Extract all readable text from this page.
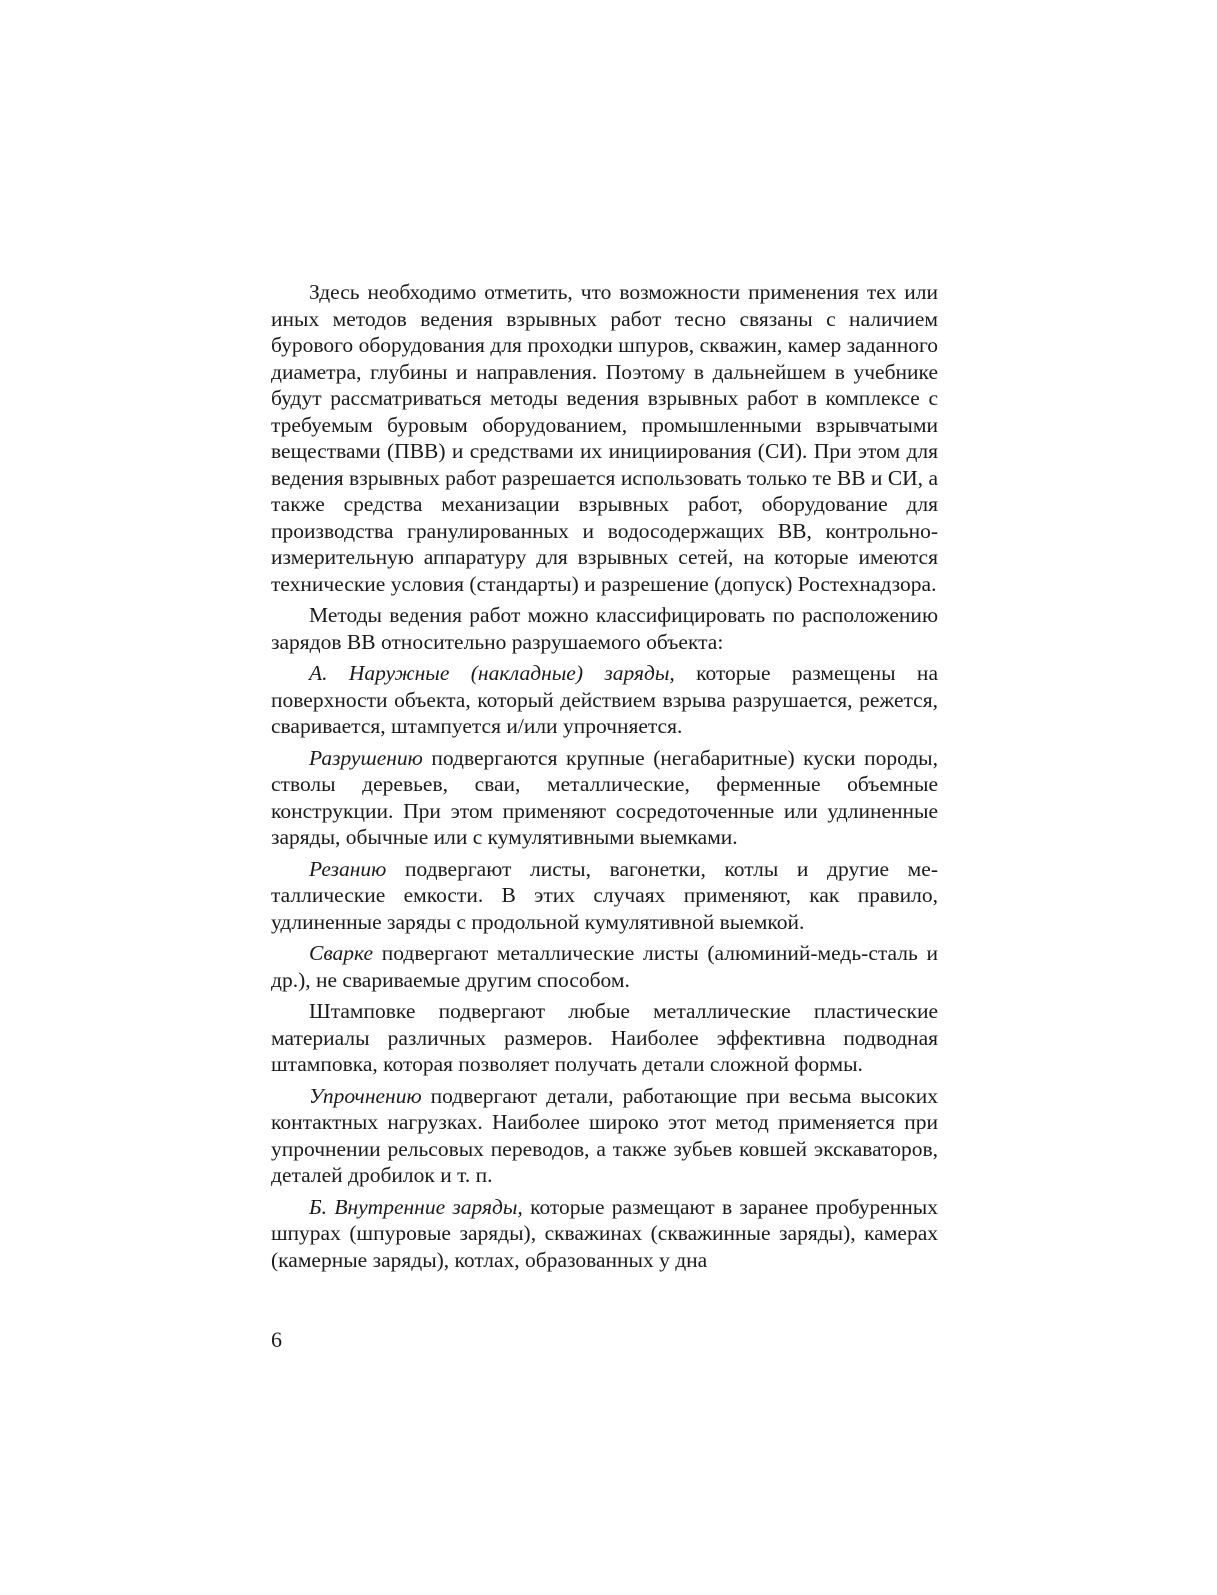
Здесь необходимо отметить, что возможности применения тех или иных методов ведения взрывных работ тесно связаны с наличием бурового оборудования для проходки шпуров, скважин, камер заданного диаметра, глубины и направления. Поэтому в дальнейшем в учебнике будут рассматриваться методы ведения взрывных работ в комплексе с требуемым буровым оборудованием, промышленными взрывчатыми веществами (ПВВ) и средствами их инициирования (СИ). При этом для ведения взрывных работ разрешается использовать только те ВВ и СИ, а также средства механизации взрывных работ, оборудование для производства гранулированных и водосодержащих ВВ, контрольно-измерительную аппаратуру для взрывных сетей, на которые имеются технические условия (стандарты) и разрешение (допуск) Ростехнадзора.

Методы ведения работ можно классифицировать по расположению зарядов ВВ относительно разрушаемого объекта:

А. Наружные (накладные) заряды, которые размещены на поверхности объекта, который действием взрыва разрушается, режется, сваривается, штампуется и/или упрочняется.

Разрушению подвергаются крупные (негабаритные) куски породы, стволы деревьев, сваи, металлические, ферменные объемные конструкции. При этом применяют сосредоточенные или удлиненные заряды, обычные или с кумулятивными выемками.

Резанию подвергают листы, вагонетки, котлы и другие металлические емкости. В этих случаях применяют, как правило, удлиненные заряды с продольной кумулятивной выемкой.

Сварке подвергают металлические листы (алюминий-медь-сталь и др.), не свариваемые другим способом.

Штамповке подвергают любые металлические пластические материалы различных размеров. Наиболее эффективна подводная штамповка, которая позволяет получать детали сложной формы.

Упрочнению подвергают детали, работающие при весьма высоких контактных нагрузках. Наиболее широко этот метод применяется при упрочнении рельсовых переводов, а также зубьев ковшей экскаваторов, деталей дробилок и т. п.

Б. Внутренние заряды, которые размещают в заранее пробуренных шпурах (шпуровые заряды), скважинах (скважинные заряды), камерах (камерные заряды), котлах, образованных у дна

6
